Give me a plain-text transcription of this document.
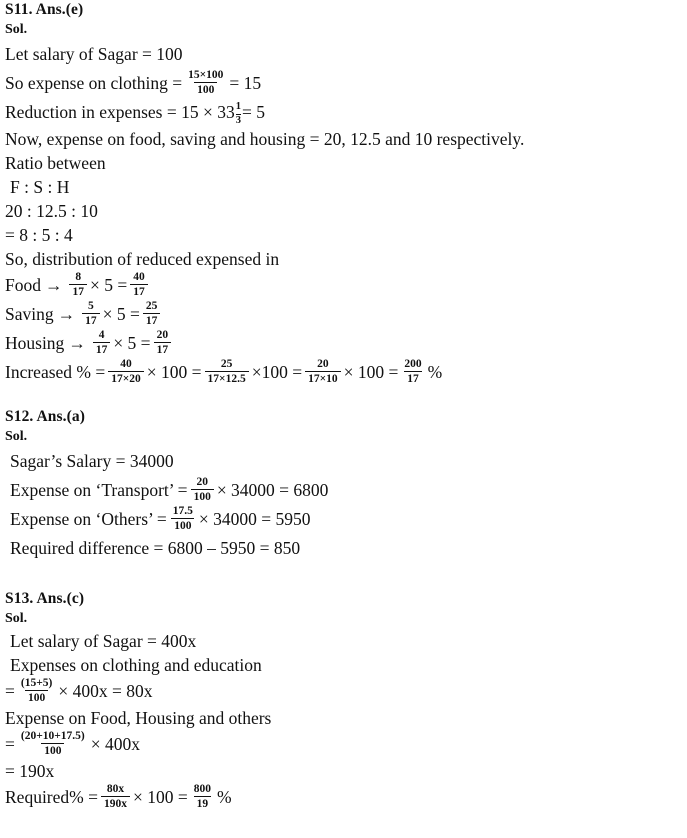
S11. Ans.(e)
Sol.
Let salary of Sagar = 100
So expense on clothing = $\frac{15\times 100}{100} = 15$
Reduction in expenses = $15 \times 33 \frac{1}{3} = 5$
Now, expense on food, saving and housing = 20, 12.5 and 10 respectively.
Ratio between
F : S : H
20 : 12.5 : 10
= 8 : 5 : 4
So, distribution of reduced expensed in
Food → $\frac{8}{17} \times 5 = \frac{40}{17}$
Saving → $\frac{5}{17} \times 5 = \frac{25}{17}$
$Housing \to \frac{4}{17} \times 5 = \frac{20}{17}$
Increased % = $\frac{40}{17\times 20} \times 100 = \frac{25}{17\times 12.5} \times 100 = \frac{20}{17\times 10} \times 100 = \frac{200}{17}$ %
S12. Ans.(a)
Sol.
Sagar’s Salary = 34000
Expense on ‘Transport’ = $\frac{20}{100} \times 34000 = 6800$
Expense on ‘Others’ = $\frac{17.5}{100} \times 34000 = 5950$
Required difference = 6800 – 5950 = 850
S13. Ans.(c)
Sol.
Let salary of Sagar = 400x
Expenses on clothing and education
= $\frac{(15+5)}{100} \times 400x = 80x$
Expense on Food, Housing and others
= $\frac{(20+10+17.5)}{100} \times 400x$
= 190x
Required% = $\frac{80x}{190x} \times 100 = \frac{800}{19}$ %
